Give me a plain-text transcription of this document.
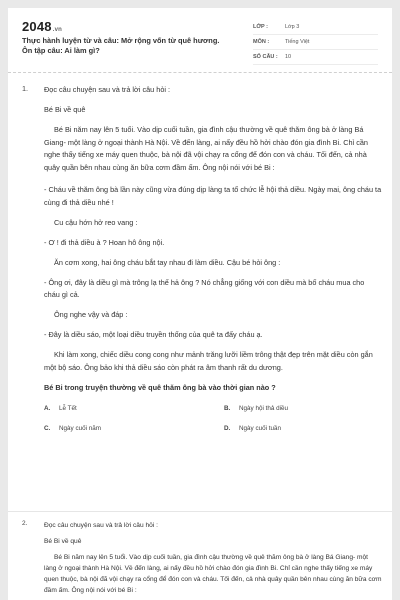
2048.vn
Thực hành luyện từ và câu: Mở rộng vốn từ quê hương. Ôn tập câu: Ai làm gì?
LỚP :	Lớp 3
MÔN :	Tiếng Việt
SỐ CÂU :	10
1. Đọc câu chuyện sau và trả lời câu hỏi :

Bé Bi về quê

Bé Bi năm nay lên 5 tuổi. Vào dịp cuối tuần, gia đình cậu thường về quê thăm ông bà ở làng Bá Giang- một làng ở ngoại thành Hà Nội. Về đến làng, ai nấy đều hồ hởi chào đón gia đình Bi. Chỉ cần nghe thấy tiếng xe máy quen thuộc, bà nội đã vội chạy ra cổng để đón con và cháu. Tối đến, cả nhà quây quần bên nhau cùng ăn bữa cơm đầm ấm. Ông nội nói với bé Bi :

- Cháu về thăm ông bà lần này cũng vừa đúng dịp làng ta tổ chức lễ hội thả diều. Ngày mai, ông cháu ta cùng đi thả diều nhé !

Cu cậu hớn hở reo vang :

- Ơ ! đi thả diều à ? Hoan hô ông nội.

Ăn cơm xong, hai ông cháu bắt tay nhau đi làm diều. Cậu bé hỏi ông :

- Ông ơi, đây là diều gì mà trông lạ thế hả ông ? Nó chẳng giống với con diều mà bố cháu mua cho cháu gì cả.

Ông nghe vậy và đáp :

- Đây là diều sáo, một loại diều truyền thống của quê ta đấy cháu ạ.

Khi làm xong, chiếc diều cong cong như mảnh trăng lưỡi liềm trông thật đẹp trên mặt diều còn gắn một bộ sáo. Ông bảo khi thả diều sáo còn phát ra âm thanh rất du dương.

Bé Bi trong truyện thường về quê thăm ông bà vào thời gian nào ?

A.	Lễ Tết	B.	Ngày hội thả diều
C.	Ngày cuối năm	D.	Ngày cuối tuần
2.	Đọc câu chuyện sau và trả lời câu hỏi :

Bé Bi về quê

Bé Bi năm nay lên 5 tuổi. Vào dịp cuối tuần, gia đình cậu thường về quê thăm ông bà ở làng Bá Giang- một làng ở ngoại thành Hà Nội. Về đến làng, ai nấy đều hồ hởi chào đón gia đình Bi. Chỉ cần nghe thấy tiếng xe máy quen thuộc, bà nội đã vội chạy ra cổng để đón con và cháu. Tối đến, cả nhà quây quần bên nhau cùng ăn bữa cơm đầm ấm. Ông nội nói với bé Bi :
